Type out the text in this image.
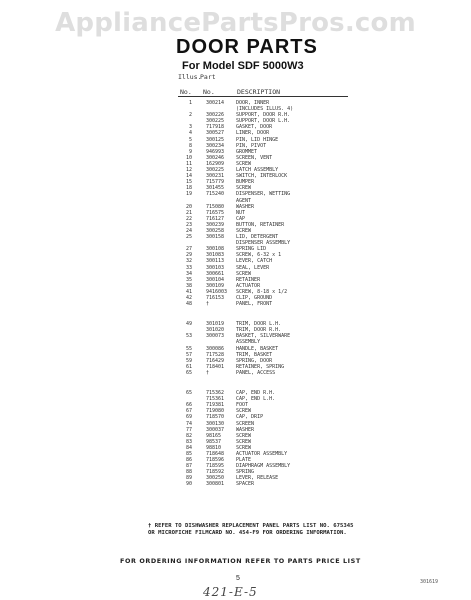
AppliancePartsPros.com
DOOR PARTS
For Model SDF 5000W3
Illus.
Part
No. No.	DESCRIPTION
1	300214 DOOR, INNER
(INCLUDES ILLUS. 4)
2	300226 SUPPORT, DOOR R.H.
300225 SUPPORT, DOOR L.H.
3	717918 GASKET, DOOR
4	300527 LINER, DOOR
5	300125 PIN, LID HINGE
8	300234 PIN, PIVOT
9	946993 GROMMET
10	300246 SCREEN, VENT
11	162909 SCREW
12	300225 LATCH ASSEMBLY
14	300231 SWITCH, INTERLOCK
15	715779 BUMPER
18	301455 SCREW
19	715240 DISPENSER, WETTING
AGENT
20	715080 WASHER
21	716575 NUT
22	716127 CAP
23	300239 BUTTON, RETAINER
24	300258 SCREW
25	300158 LID, DETERGENT
DISPENSER ASSEMBLY
27	300108 SPRING LID
29	301083 SCREW, 6-32 x 1
32	300113 LEVER, CATCH
33	300103 SEAL, LEVER
34	300661 SCREW
35	300104 RETAINER
38	300109 ACTUATOR
41	9416003 SCREW, 8-18 x 1/2
42	716153 CLIP, GROUND
48	†	PANEL, FRONT
49	301019 TRIM, DOOR L.H.
301020 TRIM, DOOR R.H.
53	300073 BASKET, SILVERWARE
ASSEMBLY
55	300086 HANDLE, BASKET
57	717528 TRIM, BASKET
59	716429 SPRING, DOOR
61	718401 RETAINER, SPRING
65	†	PANEL, ACCESS
65	715362 CAP, END R.H.
715361 CAP, END L.H.
66	719381 FOOT
67	719080 SCREW
69	718570 CAP, DRIP
74	300130 SCREEN
77	300037 WASHER
82	98165	SCREW
83	98537	SCREW
84	98810	SCREW
85	718648 ACTUATOR ASSEMBLY
86	718596 PLATE
87	718595 DIAPHRAGM ASSEMBLY
88	718592 SPRING
89	300250 LEVER, RELEASE
90	300801 SPACER
† REFER TO DISHWASHER REPLACEMENT PANEL PARTS LIST NO. 675345 OR MICROFICHE FILMCARD NO. 454-F9 FOR ORDERING INFORMATION.
FOR ORDERING INFORMATION REFER TO PARTS PRICE LIST
5
421-E-5
301619
